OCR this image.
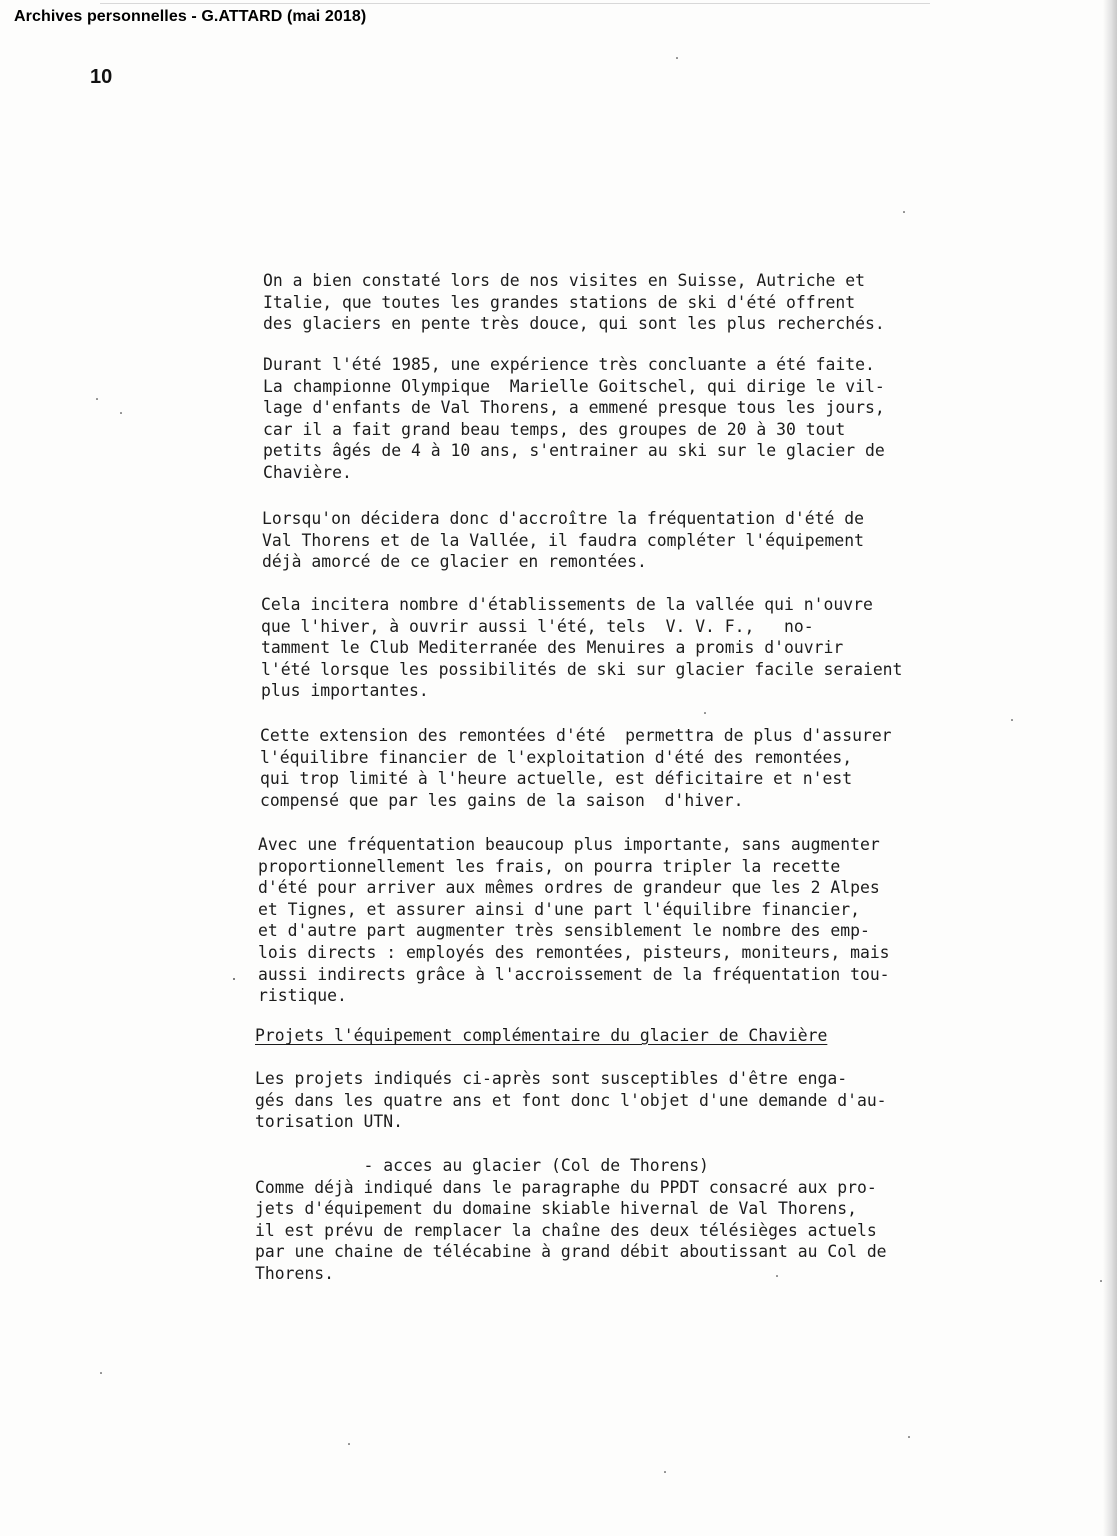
Archives personnelles - G.ATTARD (mai 2018)
10

On a bien constaté lors de nos visites en Suisse, Autriche et
Italie, que toutes les grandes stations de ski d'été offrent
des glaciers en pente très douce, qui sont les plus recherchés.

Durant l'été 1985, une expérience très concluante a été faite.
La championne Olympique  Marielle Goitschel, qui dirige le vil-
lage d'enfants de Val Thorens, a emmené presque tous les jours,
car il a fait grand beau temps, des groupes de 20 à 30 tout
petits âgés de 4 à 10 ans, s'entrainer au ski sur le glacier de
Chavière.

Lorsqu'on décidera donc d'accroître la fréquentation d'été de
Val Thorens et de la Vallée, il faudra compléter l'équipement
déjà amorcé de ce glacier en remontées.

Cela incitera nombre d'établissements de la vallée qui n'ouvre
que l'hiver, à ouvrir aussi l'été, tels  V. V. F.,   no-
tamment le Club Mediterranée des Menuires a promis d'ouvrir
l'été lorsque les possibilités de ski sur glacier facile seraient
plus importantes.

Cette extension des remontées d'été  permettra de plus d'assurer
l'équilibre financier de l'exploitation d'été des remontées,
qui trop limité à l'heure actuelle, est déficitaire et n'est
compensé que par les gains de la saison  d'hiver.

Avec une fréquentation beaucoup plus importante, sans augmenter
proportionnellement les frais, on pourra tripler la recette
d'été pour arriver aux mêmes ordres de grandeur que les 2 Alpes
et Tignes, et assurer ainsi d'une part l'équilibre financier,
et d'autre part augmenter très sensiblement le nombre des emp-
lois directs : employés des remontées, pisteurs, moniteurs, mais
aussi indirects grâce à l'accroissement de la fréquentation tou-
ristique.

Projets l'équipement complémentaire du glacier de Chavière

Les projets indiqués ci-après sont susceptibles d'être enga-
gés dans les quatre ans et font donc l'objet d'une demande d'au-
torisation UTN.

- acces au glacier (Col de Thorens)
Comme déjà indiqué dans le paragraphe du PPDT consacré aux pro-
jets d'équipement du domaine skiable hivernal de Val Thorens,
il est prévu de remplacer la chaîne des deux télésièges actuels
par une chaine de télécabine à grand débit aboutissant au Col de
Thorens.
